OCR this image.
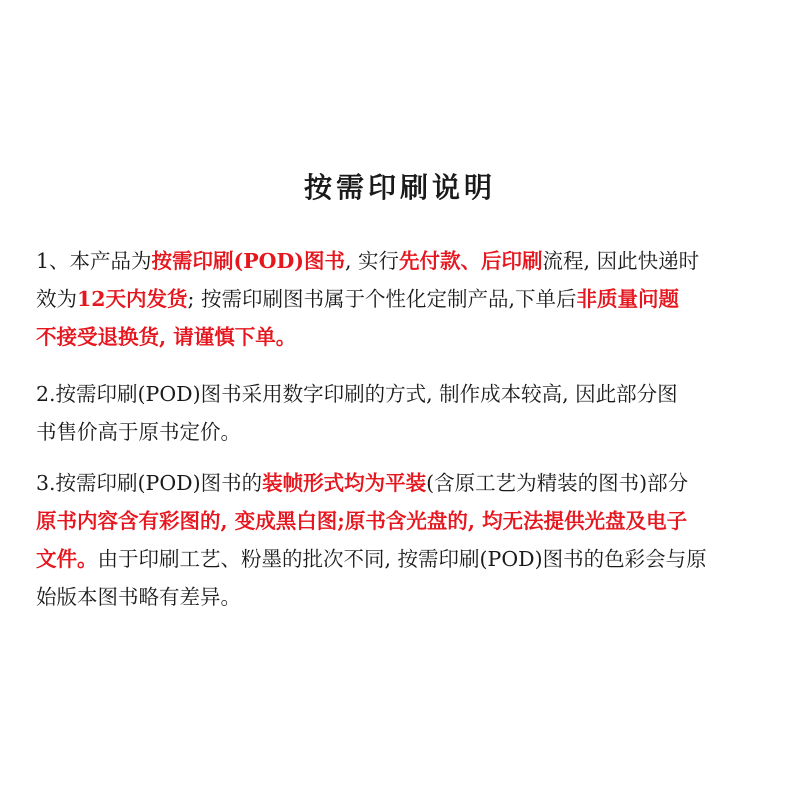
按需印刷说明
1、本产品为按需印刷(POD)图书, 实行先付款、后印刷流程, 因此快递时
效为12天内发货; 按需印刷图书属于个性化定制产品,下单后非质量问题
不接受退换货, 请谨慎下单。
2.按需印刷(POD)图书采用数字印刷的方式, 制作成本较高, 因此部分图
书售价高于原书定价。
3.按需印刷(POD)图书的装帧形式均为平装(含原工艺为精装的图书)部分
原书内容含有彩图的, 变成黑白图;原书含光盘的, 均无法提供光盘及电子
文件。由于印刷工艺、粉墨的批次不同, 按需印刷(POD)图书的色彩会与原
始版本图书略有差异。
